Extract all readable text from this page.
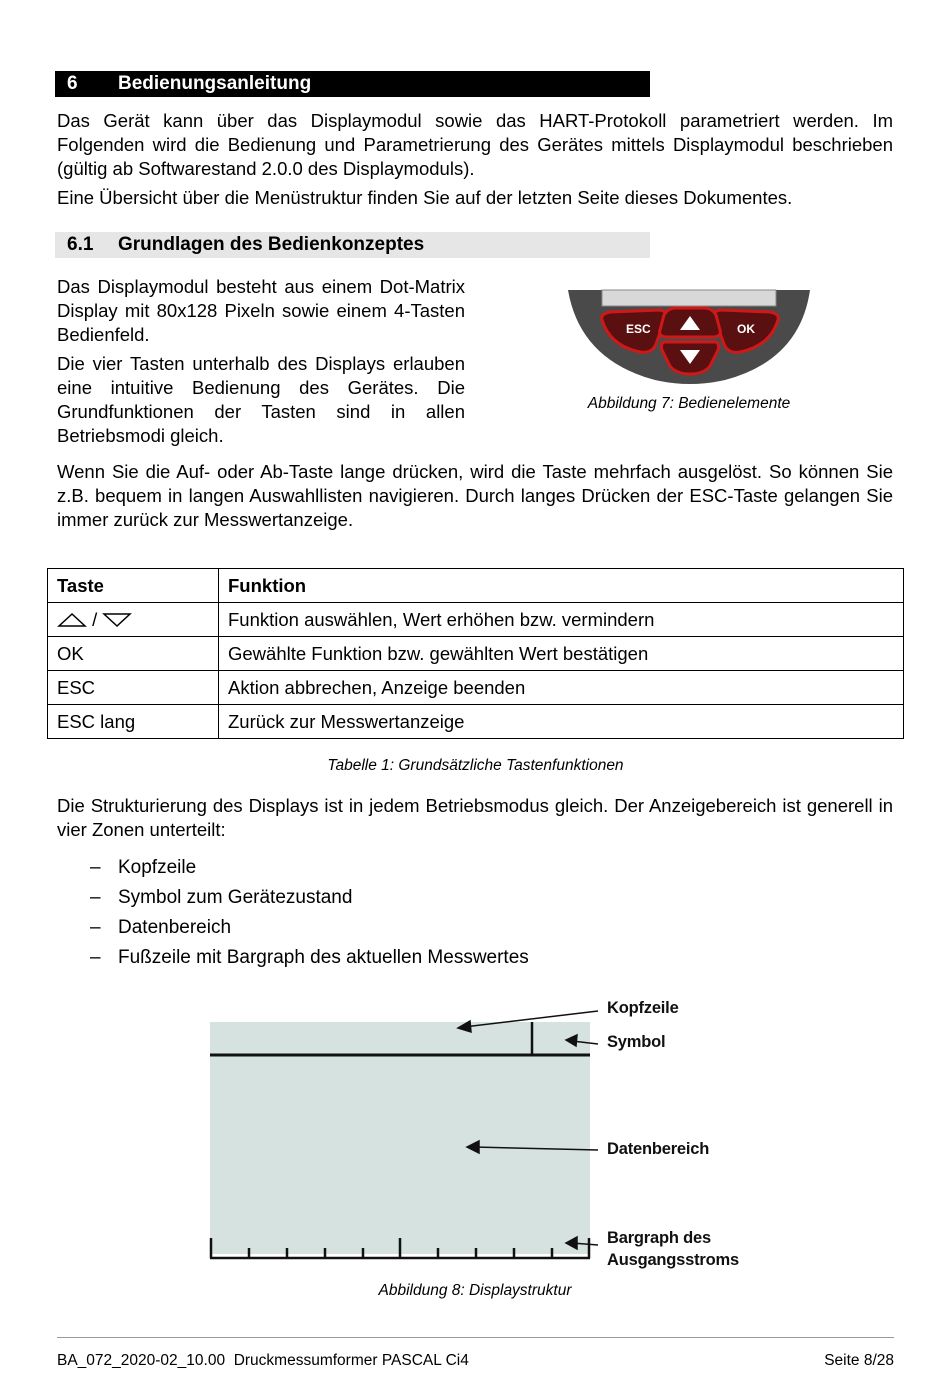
6 Bedienungsanleitung

Das Gerät kann über das Displaymodul sowie das HART-Protokoll parametriert werden. Im Folgenden wird die Bedienung und Parametrierung des Gerätes mittels Displaymodul beschrieben (gültig ab Softwarestand 2.0.0 des Displaymoduls).

Eine Übersicht über die Menüstruktur finden Sie auf der letzten Seite dieses Dokumentes.

6.1 Grundlagen des Bedienkonzeptes

Das Displaymodul besteht aus einem Dot-Matrix Display mit 80x128 Pixeln sowie einem 4-Tasten Bedienfeld.

Die vier Tasten unterhalb des Displays erlauben eine intuitive Bedienung des Gerätes. Die Grundfunktionen der Tasten sind in allen Betriebsmodi gleich.

ESC	OK
Abbildung 7: Bedienelemente

Wenn Sie die Auf- oder Ab-Taste lange drücken, wird die Taste mehrfach ausgelöst. So können Sie z.B. bequem in langen Auswahllisten navigieren. Durch langes Drücken der ESC-Taste gelangen Sie immer zurück zur Messwertanzeige.

Taste	Funktion
/	Funktion auswählen, Wert erhöhen bzw. vermindern
OK	Gewählte Funktion bzw. gewählten Wert bestätigen
ESC	Aktion abbrechen, Anzeige beenden
ESC lang	Zurück zur Messwertanzeige
Tabelle 1: Grundsätzliche Tastenfunktionen

Die Strukturierung des Displays ist in jedem Betriebsmodus gleich. Der Anzeigebereich ist generell in vier Zonen unterteilt:

– Kopfzeile
– Symbol zum Gerätezustand
– Datenbereich
– Fußzeile mit Bargraph des aktuellen Messwertes
Kopfzeile
Symbol
Datenbereich
Bargraph des
Ausgangsstroms
Abbildung 8: Displaystruktur
BA_072_2020-02_10.00 Druckmessumformer PASCAL Ci4	Seite 8/28
